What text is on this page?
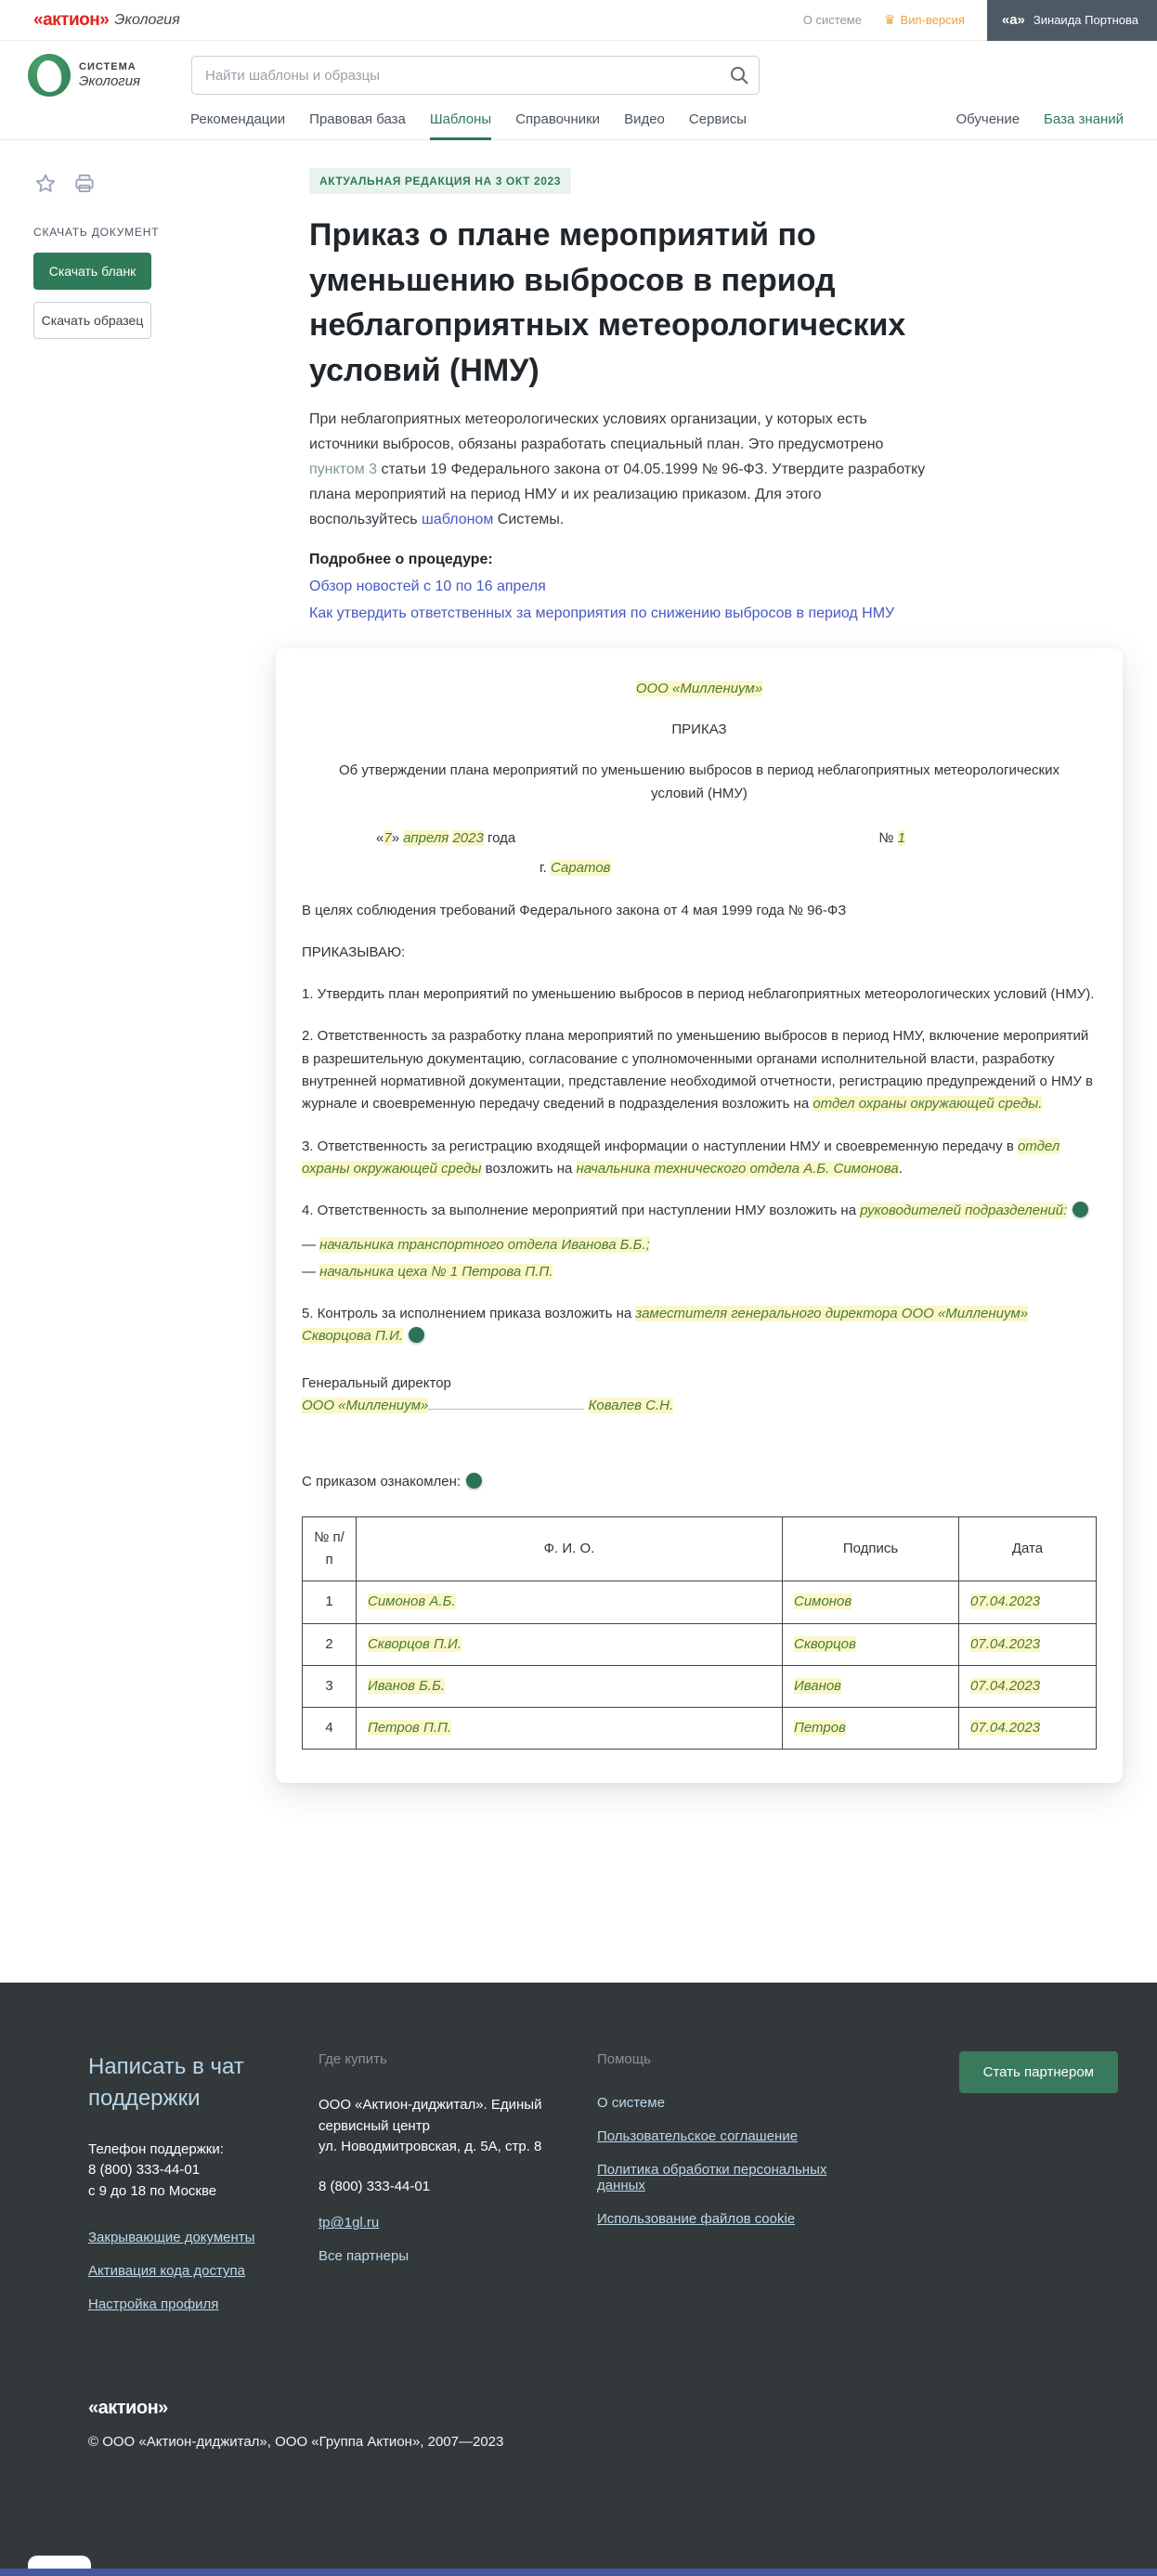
«актион» Экология	О системе ♛ Вип-версия	«а» Зинаида Портнова
СИСТЕМА
Экология
Найти шаблоны и образцы
Рекомендации Правовая база Шаблоны Справочники Видео Сервисы	Обучение База знаний
СКАЧАТЬ ДОКУМЕНТ
Скачать бланк
Скачать образец
АКТУАЛЬНАЯ РЕДАКЦИЯ НА 3 ОКТ 2023
Приказ о плане мероприятий по уменьшению выбросов в период неблагоприятных метеорологических условий (НМУ)

При неблагоприятных метеорологических условиях организации, у которых есть источники выбросов, обязаны разработать специальный план. Это предусмотрено пунктом 3 статьи 19 Федерального закона от 04.05.1999 № 96-ФЗ. Утвердите разработку плана мероприятий на период НМУ и их реализацию приказом. Для этого воспользуйтесь шаблоном Системы.

Подробнее о процедуре:
Обзор новостей с 10 по 16 апреля
Как утвердить ответственных за мероприятия по снижению выбросов в период НМУ
ООО «Миллениум»
ПРИКАЗ
Об утверждении плана мероприятий по уменьшению выбросов в период неблагоприятных метеорологических условий (НМУ)
«7» апреля 2023 года	№ 1
г. Саратов

В целях соблюдения требований Федерального закона от 4 мая 1999 года № 96-ФЗ

ПРИКАЗЫВАЮ:

1. Утвердить план мероприятий по уменьшению выбросов в период неблагоприятных метеорологических условий (НМУ).

2. Ответственность за разработку плана мероприятий по уменьшению выбросов в период НМУ, включение мероприятий в разрешительную документацию, согласование с уполномоченными органами исполнительной власти, разработку внутренней нормативной документации, представление необходимой отчетности, регистрацию предупреждений о НМУ в журнале и своевременную передачу сведений в подразделения возложить на отдел охраны окружающей среды.

3. Ответственность за регистрацию входящей информации о наступлении НМУ и своевременную передачу в отдел охраны окружающей среды возложить на начальника технического отдела А.Б. Симонова.

4. Ответственность за выполнение мероприятий при наступлении НМУ возложить на руководителей подразделений:

— начальника транспортного отдела Иванова Б.Б.;
— начальника цеха № 1 Петрова П.П.

5. Контроль за исполнением приказа возложить на заместителя генерального директора ООО «Миллениум» Скворцова П.И.

Генеральный директор
ООО «Миллениум»	Ковалев С.Н.
С приказом ознакомлен:
№ п/п	Ф. И. О.	Подпись	Дата
1	Симонов А.Б.	Симонов	07.04.2023
2	Скворцов П.И.	Скворцов	07.04.2023
3	Иванов Б.Б.	Иванов	07.04.2023
4	Петров П.П.	Петров	07.04.2023
Написать в чат поддержки
Телефон поддержки:
8 (800) 333-44-01
с 9 до 18 по Москве
Закрывающие документы
Активация кода доступа
Настройка профиля
Где купить
ООО «Актион-диджитал». Единый сервисный центр
ул. Новодмитровская, д. 5А, стр. 8
8 (800) 333-44-01
tp@1gl.ru
Все партнеры
Помощь
О системе
Пользовательское соглашение
Политика обработки персональных данных
Использование файлов cookie
Стать партнером
«актион»
© ООО «Актион-диджитал», ООО «Группа Актион», 2007—2023
